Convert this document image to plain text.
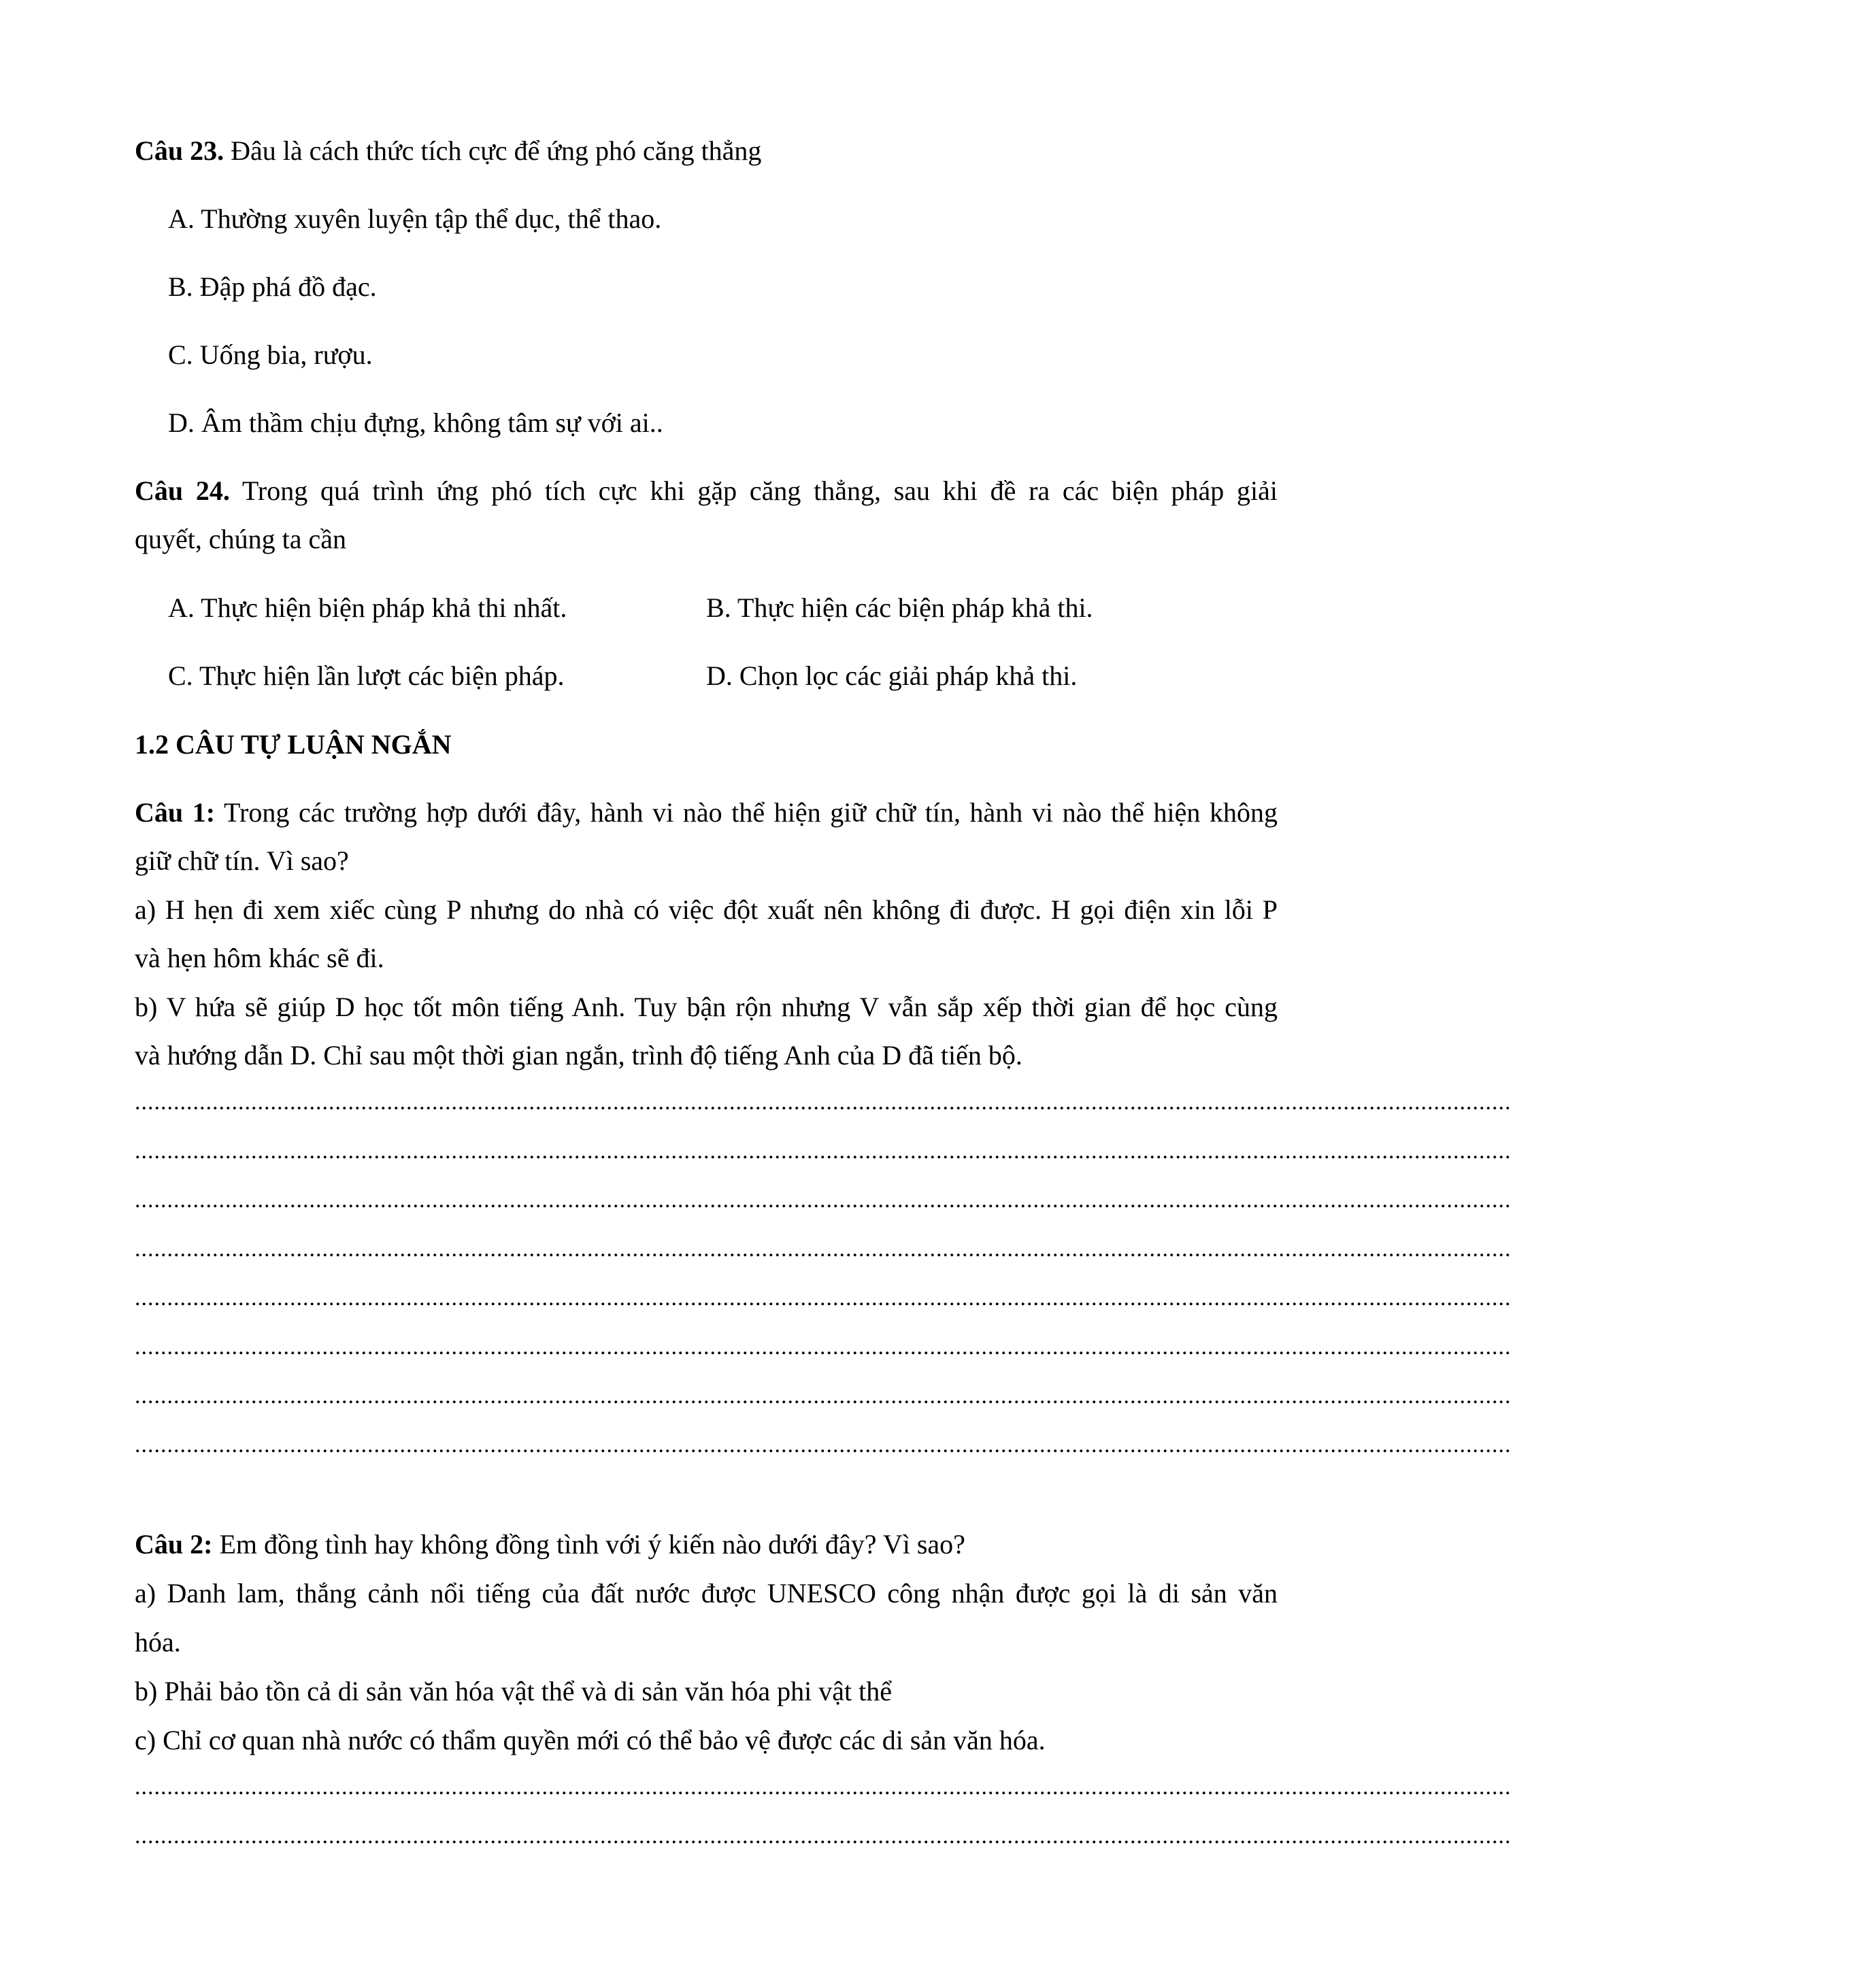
Câu 23. Đâu là cách thức tích cực để ứng phó căng thẳng
A. Thường xuyên luyện tập thể dục, thể thao.
B. Đập phá đồ đạc.
C. Uống bia, rượu.
D. Âm thầm chịu đựng, không tâm sự với ai..
Câu 24. Trong quá trình ứng phó tích cực khi gặp căng thẳng, sau khi đề ra các biện pháp giải
quyết, chúng ta cần
A. Thực hiện biện pháp khả thi nhất.	B. Thực hiện các biện pháp khả thi.
C. Thực hiện lần lượt các biện pháp.	D. Chọn lọc các giải pháp khả thi.
1.2 CÂU TỰ LUẬN NGẮN
Câu 1: Trong các trường hợp dưới đây, hành vi nào thể hiện giữ chữ tín, hành vi nào thể hiện không
giữ chữ tín. Vì sao?
a) H hẹn đi xem xiếc cùng P nhưng do nhà có việc đột xuất nên không đi được. H gọi điện xin lỗi P
và hẹn hôm khác sẽ đi.
b) V hứa sẽ giúp D học tốt môn tiếng Anh. Tuy bận rộn nhưng V vẫn sắp xếp thời gian để học cùng
và hướng dẫn D. Chỉ sau một thời gian ngắn, trình độ tiếng Anh của D đã tiến bộ.
.....................................................................................................................................................................................................................
.....................................................................................................................................................................................................................
.....................................................................................................................................................................................................................
.....................................................................................................................................................................................................................
.....................................................................................................................................................................................................................
.....................................................................................................................................................................................................................
.....................................................................................................................................................................................................................
.....................................................................................................................................................................................................................
Câu 2: Em đồng tình hay không đồng tình với ý kiến nào dưới đây? Vì sao?
a) Danh lam, thắng cảnh nổi tiếng của đất nước được UNESCO công nhận được gọi là di sản văn
hóa.
b) Phải bảo tồn cả di sản văn hóa vật thể và di sản văn hóa phi vật thể
c) Chỉ cơ quan nhà nước có thẩm quyền mới có thể bảo vệ được các di sản văn hóa.
.....................................................................................................................................................................................................................
.....................................................................................................................................................................................................................
